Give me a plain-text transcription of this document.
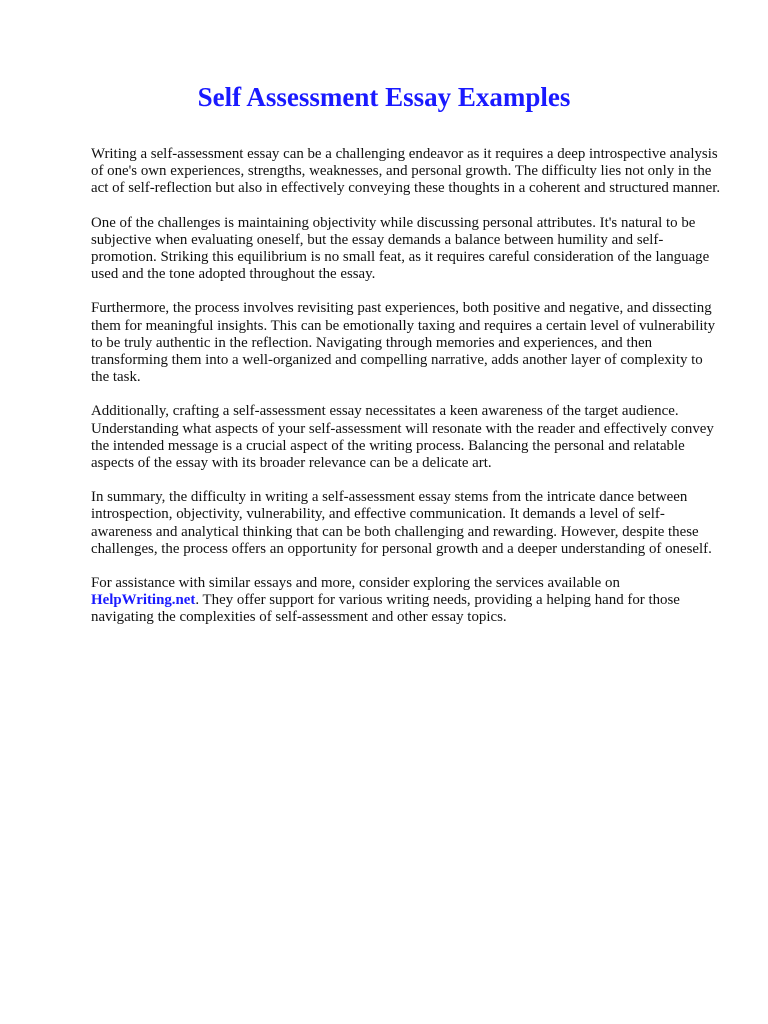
Self Assessment Essay Examples

Writing a self-assessment essay can be a challenging endeavor as it requires a deep introspective analysis of one's own experiences, strengths, weaknesses, and personal growth. The difficulty lies not only in the act of self-reflection but also in effectively conveying these thoughts in a coherent and structured manner.

One of the challenges is maintaining objectivity while discussing personal attributes. It's natural to be subjective when evaluating oneself, but the essay demands a balance between humility and self-promotion. Striking this equilibrium is no small feat, as it requires careful consideration of the language used and the tone adopted throughout the essay.

Furthermore, the process involves revisiting past experiences, both positive and negative, and dissecting them for meaningful insights. This can be emotionally taxing and requires a certain level of vulnerability to be truly authentic in the reflection. Navigating through memories and experiences, and then transforming them into a well-organized and compelling narrative, adds another layer of complexity to the task.

Additionally, crafting a self-assessment essay necessitates a keen awareness of the target audience. Understanding what aspects of your self-assessment will resonate with the reader and effectively convey the intended message is a crucial aspect of the writing process. Balancing the personal and relatable aspects of the essay with its broader relevance can be a delicate art.

In summary, the difficulty in writing a self-assessment essay stems from the intricate dance between introspection, objectivity, vulnerability, and effective communication. It demands a level of self-awareness and analytical thinking that can be both challenging and rewarding. However, despite these challenges, the process offers an opportunity for personal growth and a deeper understanding of oneself.

For assistance with similar essays and more, consider exploring the services available on HelpWriting.net. They offer support for various writing needs, providing a helping hand for those navigating the complexities of self-assessment and other essay topics.
